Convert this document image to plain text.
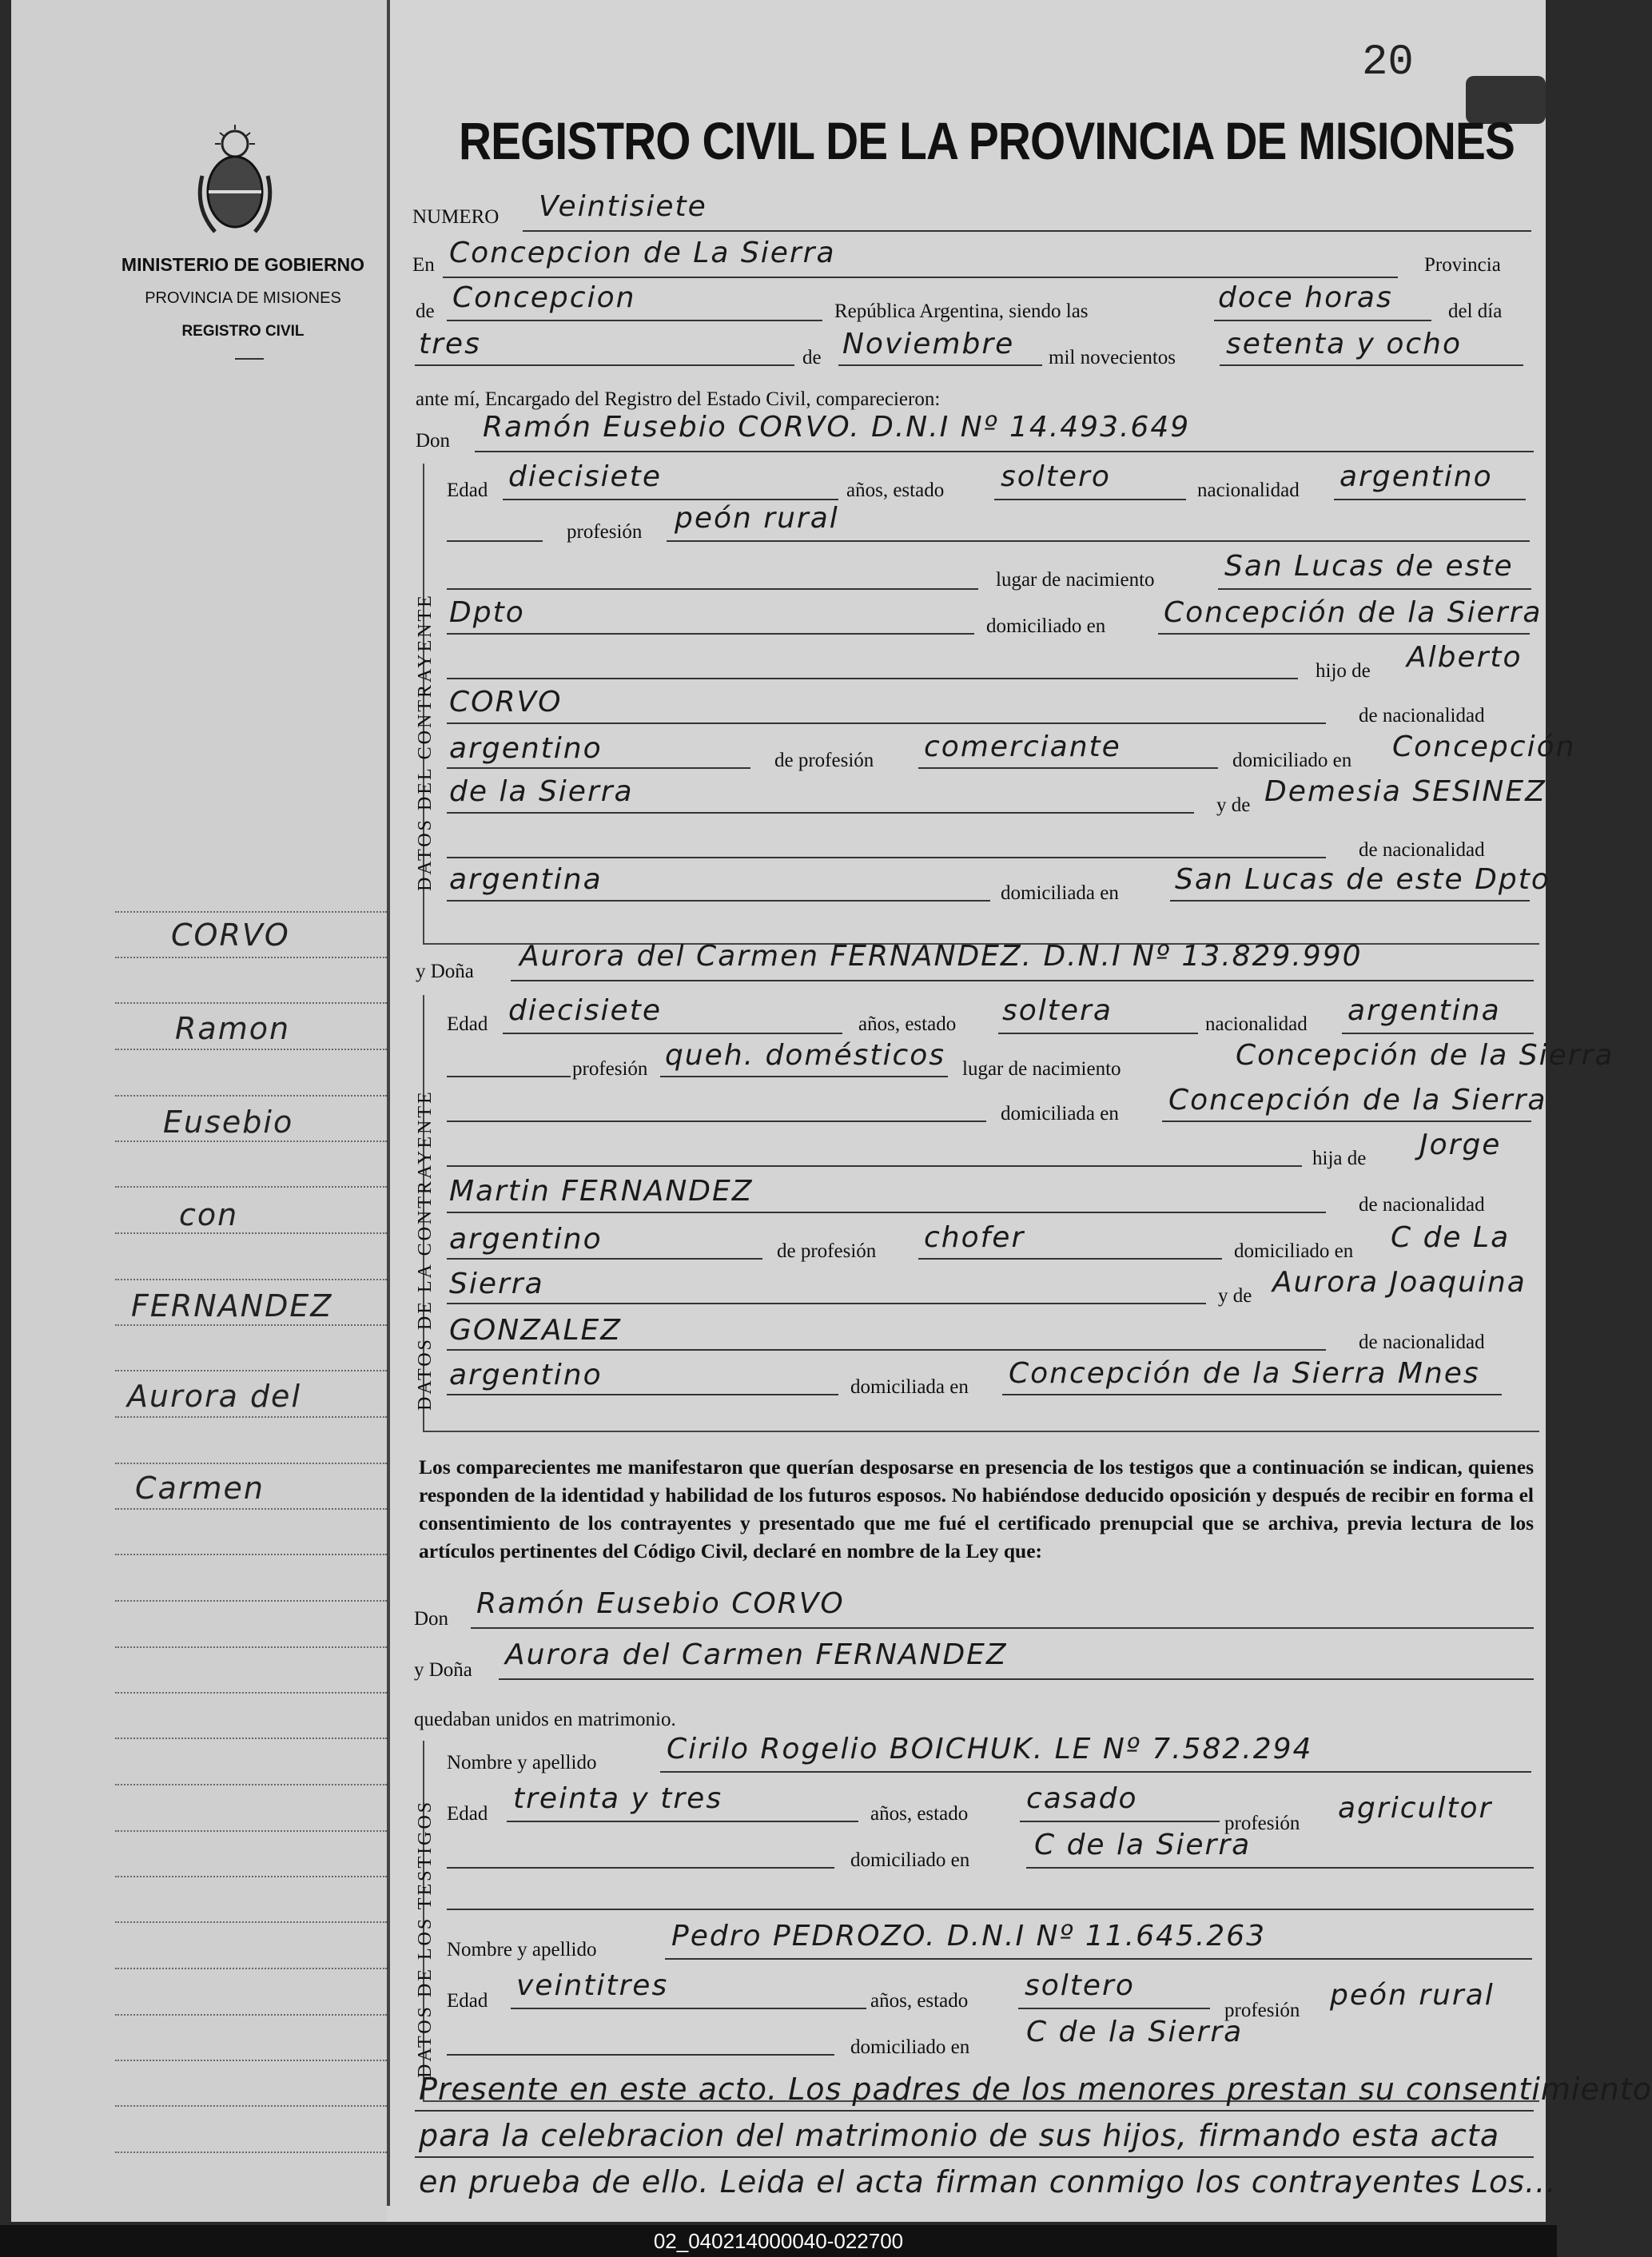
MINISTERIO DE GOBIERNO
PROVINCIA DE MISIONES
REGISTRO CIVIL
CORVO
Ramon
Eusebio
con
FERNANDEZ
Aurora del
Carmen
20
REGISTRO CIVIL DE LA PROVINCIA DE MISIONES
NUMERO Veintisiete
En Concepcion de La Sierra	Provincia
de Concepcion	República Argentina, siendo las	doce horas	del día
tres	de Noviembre mil novecientos setenta y ocho
ante mí, Encargado del Registro del Estado Civil, comparecieron:
Don Ramón Eusebio CORVO. D.N.I Nº 14.493.649
DATOS DEL CONTRAYENTE
Edad diecisiete	años, estado soltero	nacionalidad argentino
profesión peón rural
lugar de nacimiento San Lucas de este
Dpto	domiciliado en Concepción de la Sierra
hijo de Alberto
CORVO	de nacionalidad
argentino	de profesión comerciante	domiciliado en Concepción
de la Sierra	y de Demesia SESINEZ
de nacionalidad
argentina	domiciliada en San Lucas de este Dpto
y Doña Aurora del Carmen FERNANDEZ. D.N.I Nº 13.829.990
DATOS DE LA CONTRAYENTE
Edad diecisiete	años, estado soltera	nacionalidad argentina
profesión queh. domésticos lugar de nacimiento	Concepción de la Sierra
domiciliada en Concepción de la Sierra
hija de Jorge
Martin FERNANDEZ	de nacionalidad
argentino	de profesión chofer	domiciliado en C de La
Sierra	y de Aurora Joaquina
GONZALEZ	de nacionalidad
argentino	domiciliada en Concepción de la Sierra Mnes
Los comparecientes me manifestaron que querían desposarse en presencia de los testigos que a continuación se indican, quienes responden de la identidad y habilidad de los futuros esposos. No habiéndose deducido oposición y después de recibir en forma el consentimiento de los contrayentes y presentado que me fué el certificado prenupcial que se archiva, previa lectura de los artículos pertinentes del Código Civil, declaré en nombre de la Ley que:
Don Ramón Eusebio CORVO
y Doña Aurora del Carmen FERNANDEZ
quedaban unidos en matrimonio.
DATOS DE LOS TESTIGOS
Nombre y apellido Cirilo Rogelio BOICHUK. LE Nº 7.582.294
Edad treinta y tres	años, estado casado
profesión agricultor
domiciliado en C de la Sierra
Nombre y apellido	Pedro PEDROZO. D.N.I Nº 11.645.263
Edad veintitres	años, estado soltero
profesión peón rural
domiciliado en C de la Sierra
Presente en este acto. Los padres de los menores prestan su consentimiento
para la celebracion del matrimonio de sus hijos, firmando esta acta
en prueba de ello. Leida el acta firman conmigo los contrayentes Los...
02_040214000040-022700
